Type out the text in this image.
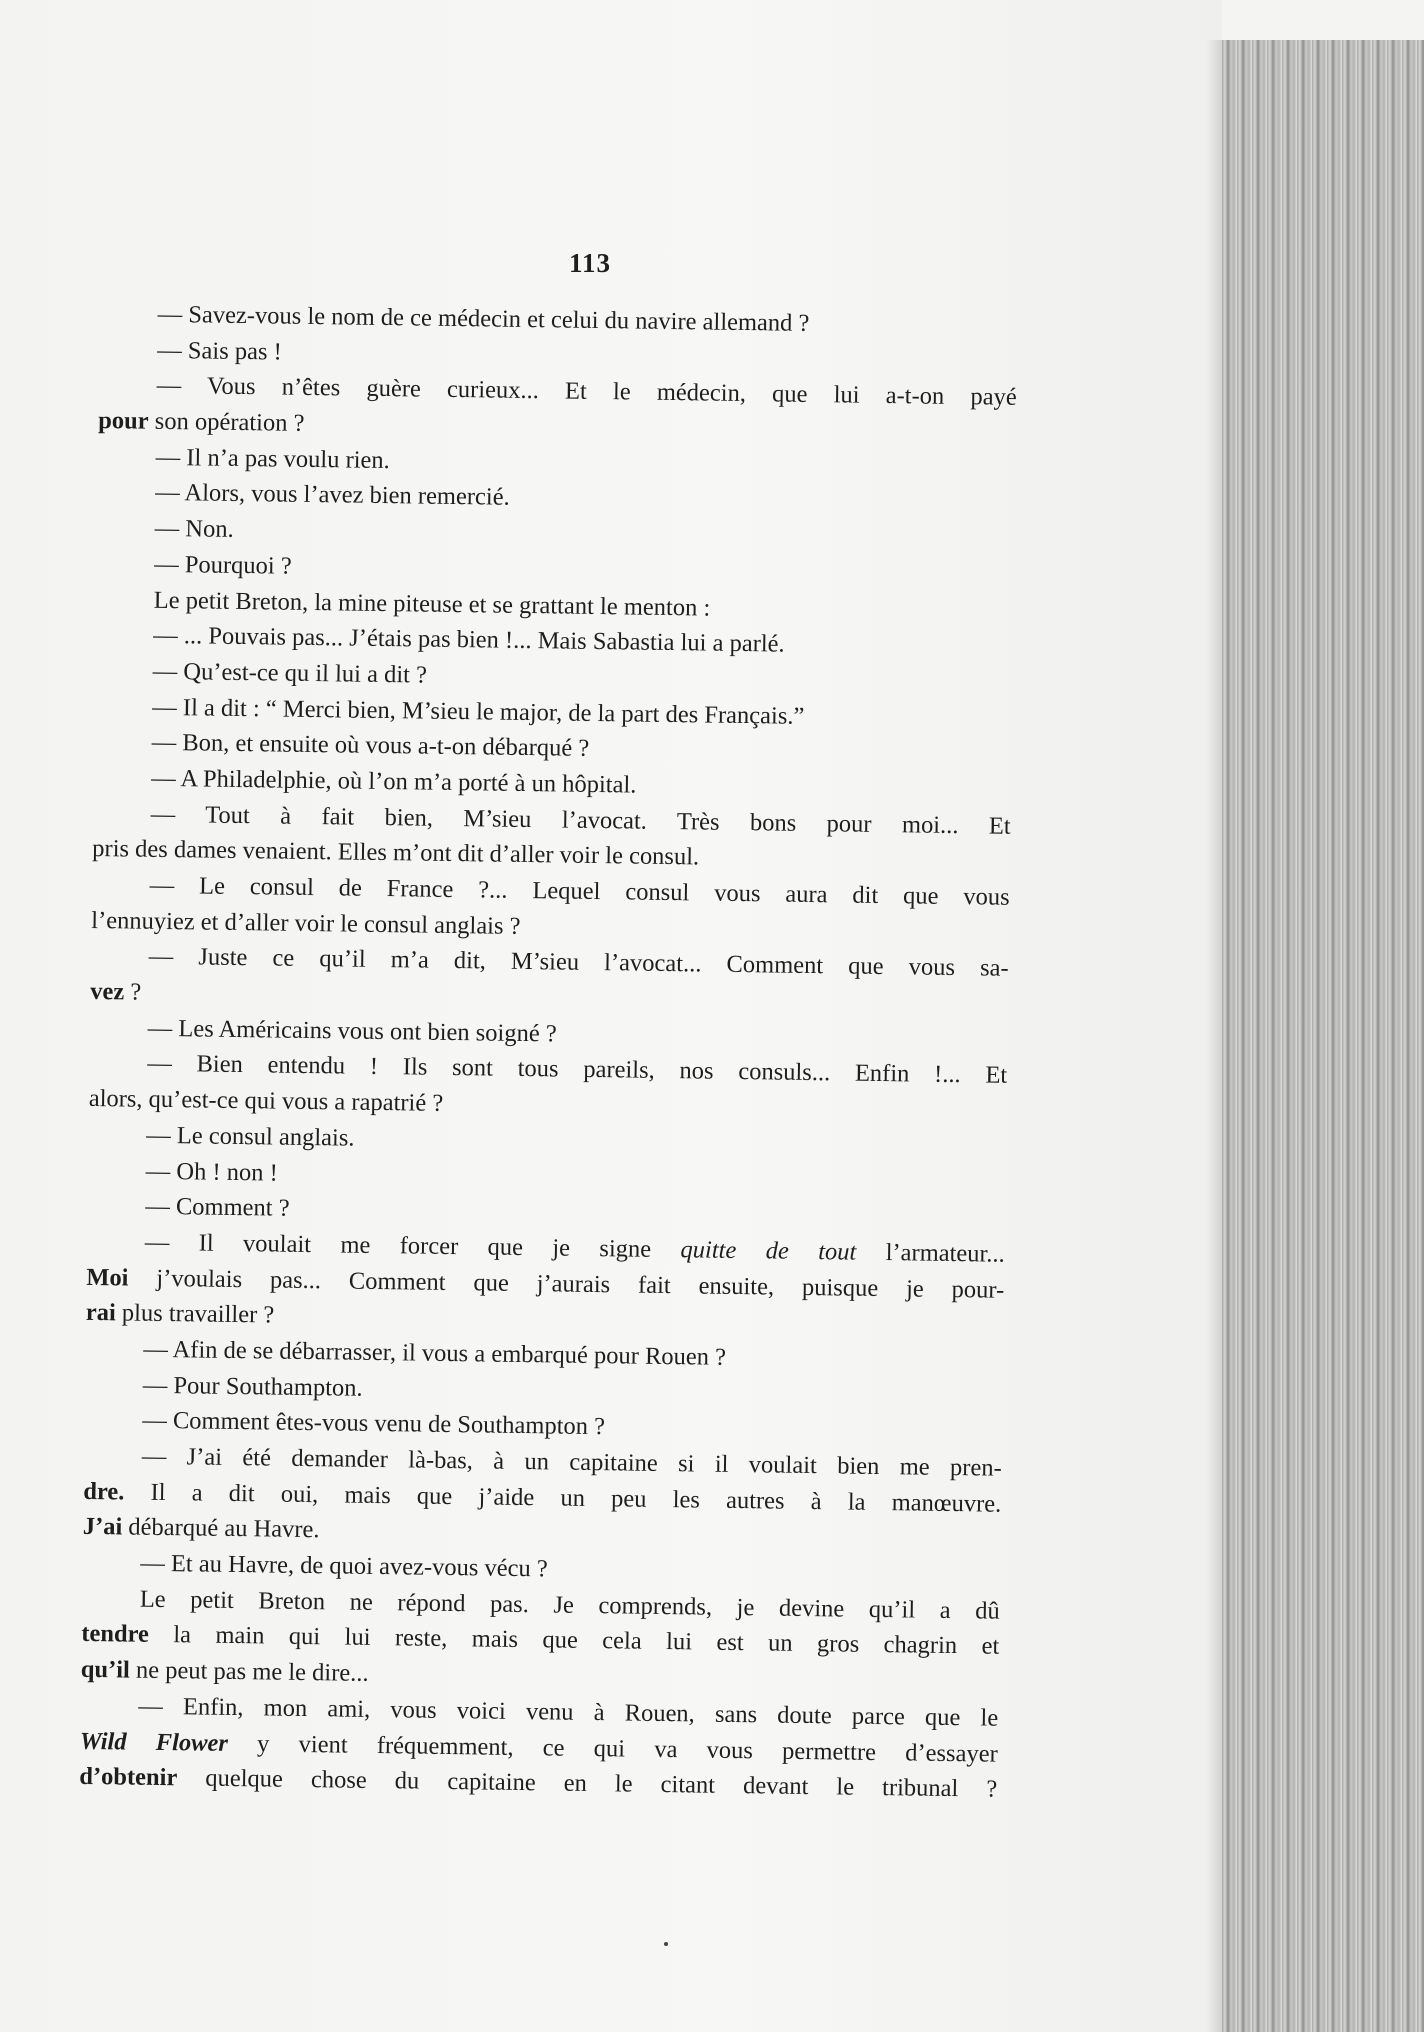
113
— Savez-vous le nom de ce médecin et celui du navire allemand ?
— Sais pas !
— Vous n’êtes guère curieux... Et le médecin, que lui a-t-on payé
pour son opération ?
— Il n’a pas voulu rien.
— Alors, vous l’avez bien remercié.
— Non.
— Pourquoi ?
Le petit Breton, la mine piteuse et se grattant le menton :
— ... Pouvais pas... J’étais pas bien !... Mais Sabastia lui a parlé.
— Qu’est-ce qu il lui a dit ?
— Il a dit : “ Merci bien, M’sieu le major, de la part des Français.”
— Bon, et ensuite où vous a-t-on débarqué ?
— A Philadelphie, où l’on m’a porté à un hôpital.
— Tout à fait bien, M’sieu l’avocat. Très bons pour moi... Et
pris des dames venaient. Elles m’ont dit d’aller voir le consul.
— Le consul de France ?... Lequel consul vous aura dit que vous
l’ennuyiez et d’aller voir le consul anglais ?
— Juste ce qu’il m’a dit, M’sieu l’avocat... Comment que vous sa-
vez ?
— Les Américains vous ont bien soigné ?
— Bien entendu ! Ils sont tous pareils, nos consuls... Enfin !... Et
alors, qu’est-ce qui vous a rapatrié ?
— Le consul anglais.
— Oh ! non !
— Comment ?
— Il voulait me forcer que je signe quitte de tout l’armateur...
Moi j’voulais pas... Comment que j’aurais fait ensuite, puisque je pour-
rai plus travailler ?
— Afin de se débarrasser, il vous a embarqué pour Rouen ?
— Pour Southampton.
— Comment êtes-vous venu de Southampton ?
— J’ai été demander là-bas, à un capitaine si il voulait bien me pren-
dre. Il a dit oui, mais que j’aide un peu les autres à la manœuvre.
J’ai débarqué au Havre.
— Et au Havre, de quoi avez-vous vécu ?
Le petit Breton ne répond pas. Je comprends, je devine qu’il a dû
tendre la main qui lui reste, mais que cela lui est un gros chagrin et
qu’il ne peut pas me le dire...
— Enfin, mon ami, vous voici venu à Rouen, sans doute parce que le
Wild Flower y vient fréquemment, ce qui va vous permettre d’essayer
d’obtenir quelque chose du capitaine en le citant devant le tribunal ?
